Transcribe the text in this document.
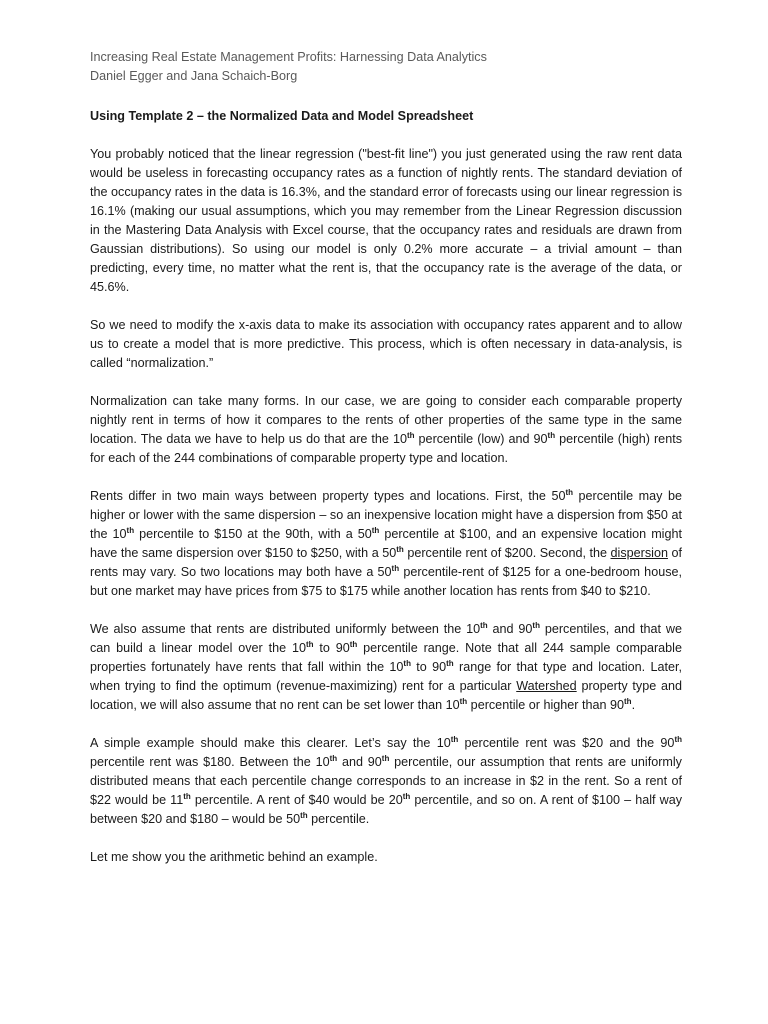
Increasing Real Estate Management Profits: Harnessing Data Analytics
Daniel Egger and Jana Schaich-Borg
Using Template 2 – the Normalized Data and Model Spreadsheet
You probably noticed that the linear regression ("best-fit line") you just generated using the raw rent data would be useless in forecasting occupancy rates as a function of nightly rents. The standard deviation of the occupancy rates in the data is 16.3%, and the standard error of forecasts using our linear regression is 16.1% (making our usual assumptions, which you may remember from the Linear Regression discussion in the Mastering Data Analysis with Excel course, that the occupancy rates and residuals are drawn from Gaussian distributions). So using our model is only 0.2% more accurate – a trivial amount – than predicting, every time, no matter what the rent is, that the occupancy rate is the average of the data, or 45.6%.
So we need to modify the x-axis data to make its association with occupancy rates apparent and to allow us to create a model that is more predictive. This process, which is often necessary in data-analysis, is called “normalization.”
Normalization can take many forms. In our case, we are going to consider each comparable property nightly rent in terms of how it compares to the rents of other properties of the same type in the same location. The data we have to help us do that are the 10th percentile (low) and 90th percentile (high) rents for each of the 244 combinations of comparable property type and location.
Rents differ in two main ways between property types and locations. First, the 50th percentile may be higher or lower with the same dispersion – so an inexpensive location might have a dispersion from $50 at the 10th percentile to $150 at the 90th, with a 50th percentile at $100, and an expensive location might have the same dispersion over $150 to $250, with a 50th percentile rent of $200. Second, the dispersion of rents may vary. So two locations may both have a 50th percentile-rent of $125 for a one-bedroom house, but one market may have prices from $75 to $175 while another location has rents from $40 to $210.
We also assume that rents are distributed uniformly between the 10th and 90th percentiles, and that we can build a linear model over the 10th to 90th percentile range. Note that all 244 sample comparable properties fortunately have rents that fall within the 10th to 90th range for that type and location. Later, when trying to find the optimum (revenue-maximizing) rent for a particular Watershed property type and location, we will also assume that no rent can be set lower than 10th percentile or higher than 90th.
A simple example should make this clearer. Let’s say the 10th percentile rent was $20 and the 90th percentile rent was $180. Between the 10th and 90th percentile, our assumption that rents are uniformly distributed means that each percentile change corresponds to an increase in $2 in the rent. So a rent of $22 would be 11th percentile. A rent of $40 would be 20th percentile, and so on. A rent of $100 – half way between $20 and $180 – would be 50th percentile.
Let me show you the arithmetic behind an example.
